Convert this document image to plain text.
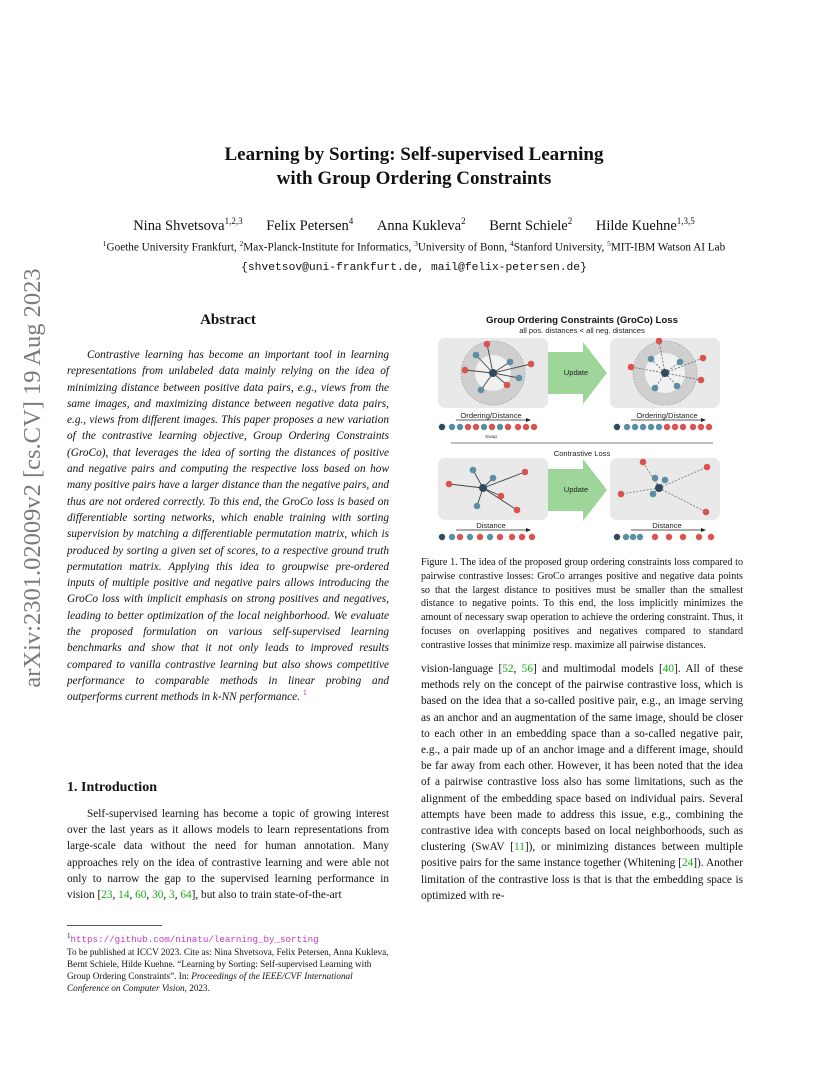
Learning by Sorting: Self-supervised Learning
with Group Ordering Constraints
Nina Shvetsova$^{1,2,3}$ Felix Petersen$^4$ Anna Kukleva$^2$ Bernt Schiele$^2$ Hilde Kuehne$^{1,3,5}$
$^1$Goethe University Frankfurt, $^2$Max-Planck-Institute for Informatics, $^3$University of Bonn, $^4$Stanford University, $^5$MIT-IBM Watson AI Lab
{shvetsov@uni-frankfurt.de, mail@felix-petersen.de}
arXiv:2301.02009v2 [cs.CV] 19 Aug 2023	Abstract

Contrastive learning has become an important tool in learning representations from unlabeled data mainly relying on the idea of minimizing distance between positive data pairs, e.g., views from the same images, and maximizing distance between negative data pairs, e.g., views from different images. This paper proposes a new variation of the contrastive learning objective, Group Ordering Constraints (GroCo), that leverages the idea of sorting the distances of positive and negative pairs and computing the respective loss based on how many positive pairs have a larger distance than the negative pairs, and thus are not ordered correctly. To this end, the GroCo loss is based on differentiable sorting networks, which enable training with sorting supervision by matching a differentiable permutation matrix, which is produced by sorting a given set of scores, to a respective ground truth permutation matrix. Applying this idea to groupwise pre-ordered inputs of multiple positive and negative pairs allows introducing the GroCo loss with implicit emphasis on strong positives and negatives, leading to better optimization of the local neighborhood. We evaluate the proposed formulation on various self-supervised learning benchmarks and show that it not only leads to improved results compared to vanilla contrastive learning but also shows competitive performance to comparable methods in linear probing and outperforms current methods in k-NN performance. $^1$

1. Introduction

Self-supervised learning has become a topic of growing interest over the last years as it allows models to learn representations from large-scale data without the need for human annotation. Many approaches rely on the idea of contrastive learning and were able not only to narrow the gap to the supervised learning performance in vision [23, 14, 60, 30, 3, 64], but also to train state-of-the-art

$^1$https://github.com/ninatu/learning_by_sorting
To be published at ICCV 2023. Cite as: Nina Shvetsova, Felix Petersen, Anna Kukleva, Bernt Schiele, Hilde Kuehne. “Learning by Sorting: Self-supervised Learning with Group Ordering Constraints”. In: Proceedings of the IEEE/CVF International Conference on Computer Vision, 2023.
Group Ordering Constraints (GroCo) Loss
all pos. distances < all neg. distances
Update
Ordering/Distance
Swap
Ordering/Distance
Contrastive Loss
Update
Distance	Distance
Figure 1. The idea of the proposed group ordering constraints loss compared to pairwise contrastive losses: GroCo arranges positive and negative data points so that the largest distance to positives must be smaller than the smallest distance to negative points. To this end, the loss implicitly minimizes the amount of necessary swap operation to achieve the ordering constraint. Thus, it focuses on overlapping positives and negatives compared to standard contrastive losses that minimize resp. maximize all pairwise distances.

vision-language [52, 56] and multimodal models [40]. All of these methods rely on the concept of the pairwise contrastive loss, which is based on the idea that a so-called positive pair, e.g., an image serving as an anchor and an augmentation of the same image, should be closer to each other in an embedding space than a so-called negative pair, e.g., a pair made up of an anchor image and a different image, should be far away from each other. However, it has been noted that the idea of a pairwise contrastive loss also has some limitations, such as the alignment of the embedding space based on individual pairs. Several attempts have been made to address this issue, e.g., combining the contrastive idea with concepts based on local neighborhoods, such as clustering (SwAV [11]), or minimizing distances between multiple positive pairs for the same instance together (Whitening [24]). Another limitation of the contrastive loss is that is that the embedding space is optimized with re-
